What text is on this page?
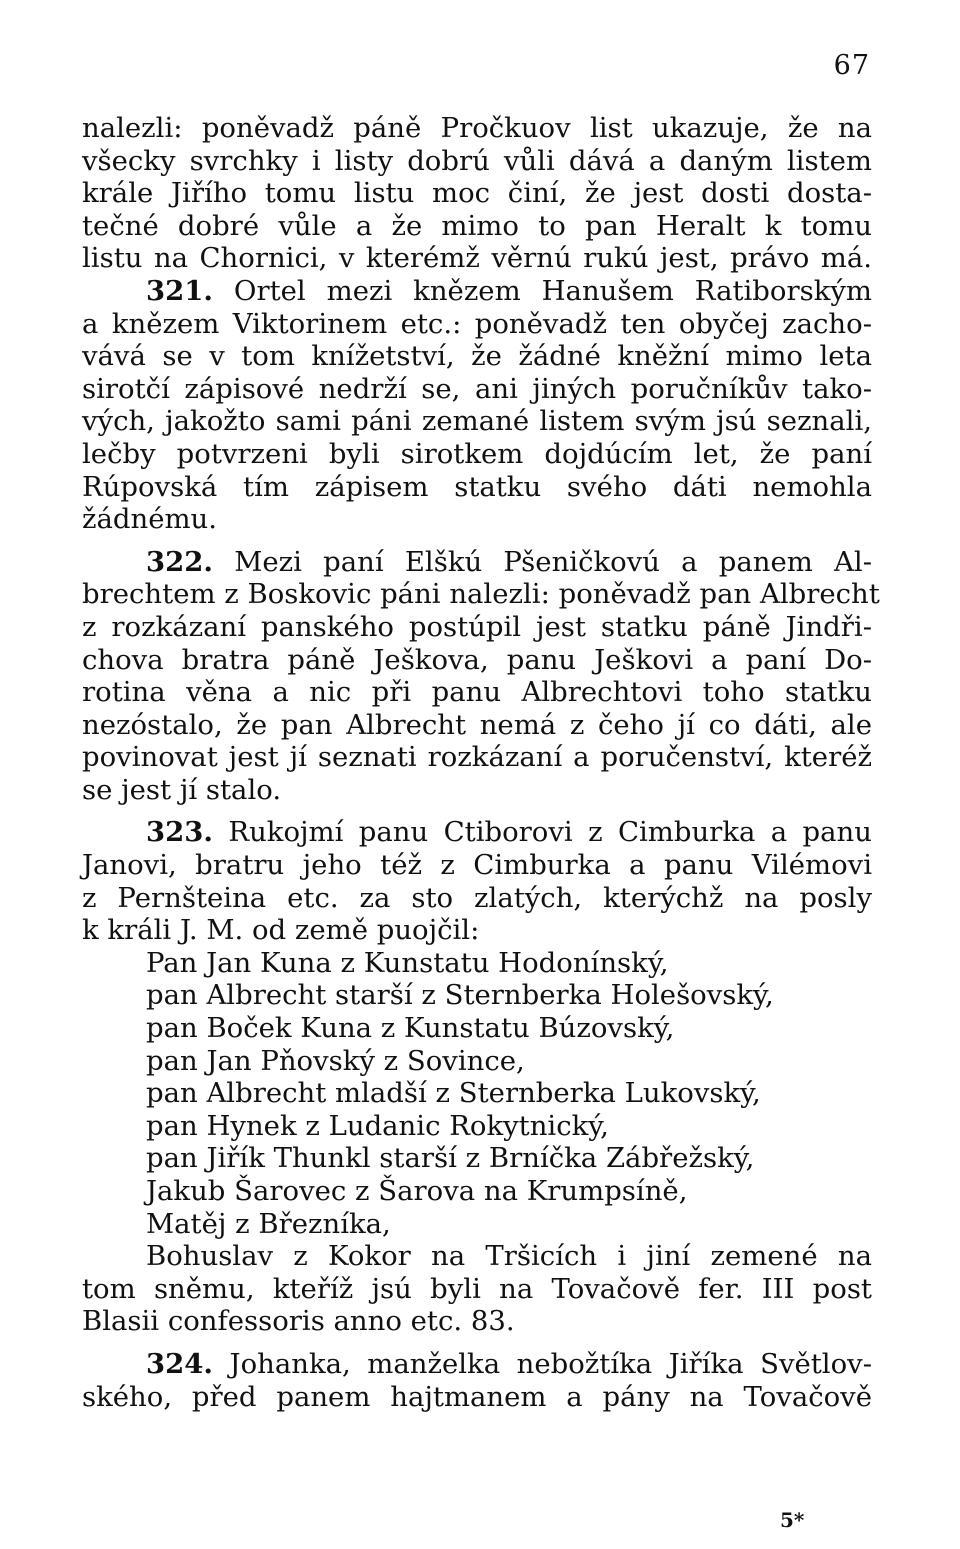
67
nalezli: poněvadž páně Pročkuov list ukazuje, že na
všecky svrchky i listy dobrú vůli dává a daným listem
krále Jiřího tomu listu moc činí, že jest dosti dosta-
tečné dobré vůle a že mimo to pan Heralt k tomu
listu na Chornici, v kterémž věrnú rukú jest, právo má.
321. Ortel mezi knězem Hanušem Ratiborským
a knězem Viktorinem etc.: poněvadž ten obyčej zacho-
vává se v tom knížetství, že žádné kněžní mimo leta
sirotčí zápisové nedrží se, ani jiných poručníkův tako-
vých, jakožto sami páni zemané listem svým jsú seznali,
lečby potvrzeni byli sirotkem dojdúcím let, že paní
Rúpovská tím zápisem statku svého dáti nemohla
žádnému.
322. Mezi paní Elškú Pšeničkovú a panem Al-
brechtem z Boskovic páni nalezli: poněvadž pan Albrecht
z rozkázaní panského postúpil jest statku páně Jindři-
chova bratra páně Ješkova, panu Ješkovi a paní Do-
rotina věna a nic při panu Albrechtovi toho statku
nezóstalo, že pan Albrecht nemá z čeho jí co dáti, ale
povinovat jest jí seznati rozkázaní a poručenství, kteréž
se jest jí stalo.
323. Rukojmí panu Ctiborovi z Cimburka a panu
Janovi, bratru jeho též z Cimburka a panu Vilémovi
z Pernšteina etc. za sto zlatých, kterýchž na posly
k králi J. M. od země puojčil:
Pan Jan Kuna z Kunstatu Hodonínský,
pan Albrecht starší z Sternberka Holešovský,
pan Boček Kuna z Kunstatu Búzovský,
pan Jan Pňovský z Sovince,
pan Albrecht mladší z Sternberka Lukovský,
pan Hynek z Ludanic Rokytnický,
pan Jiřík Thunkl starší z Brníčka Zábřežský,
Jakub Šarovec z Šarova na Krumpsíně,
Matěj z Březníka,
Bohuslav z Kokor na Tršicích i jiní zemené na
tom sněmu, kteříž jsú byli na Tovačově fer. III post
Blasii confessoris anno etc. 83.
324. Johanka, manželka nebožtíka Jiříka Světlov-
ského, před panem hajtmanem a pány na Tovačově
5*
